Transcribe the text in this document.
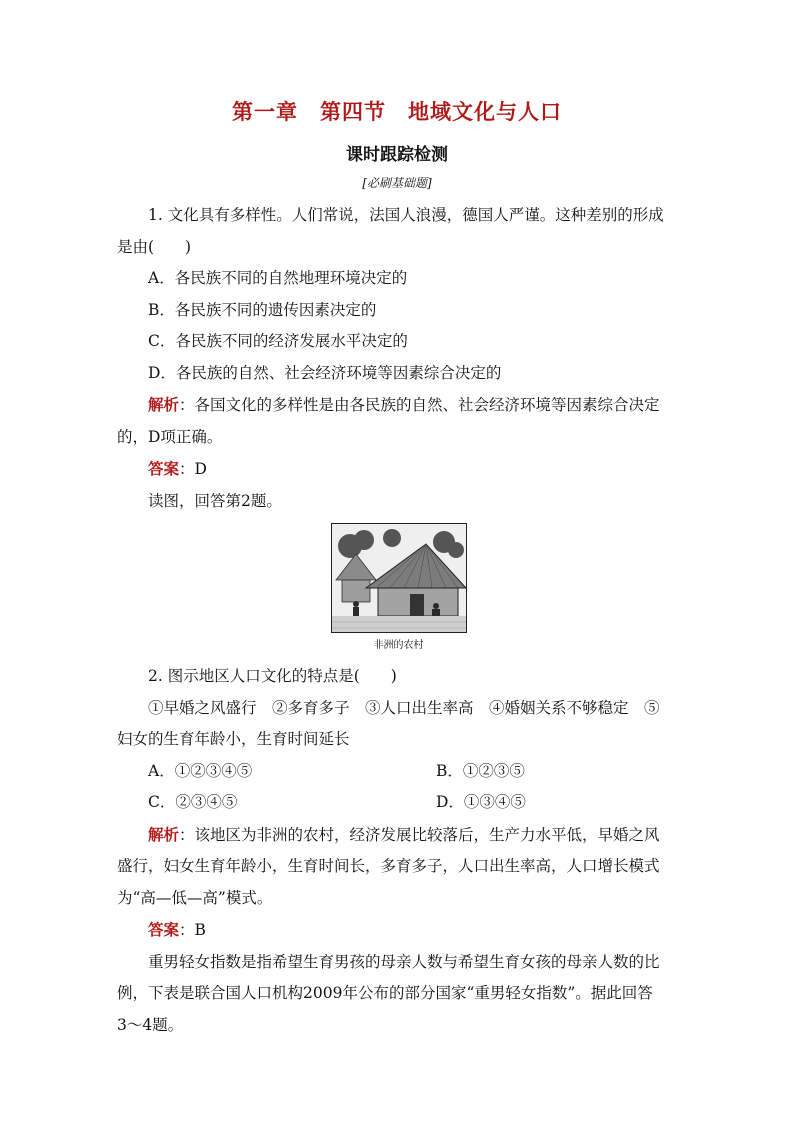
第一章　第四节　地域文化与人口
课时跟踪检测
[必刷基础题]

1. 文化具有多样性。人们常说，法国人浪漫，德国人严谨。这种差别的形成

是由(　　)

A．各民族不同的自然地理环境决定的

B．各民族不同的遗传因素决定的

C．各民族不同的经济发展水平决定的

D．各民族的自然、社会经济环境等因素综合决定的

解析：各国文化的多样性是由各民族的自然、社会经济环境等因素综合决定

的，D项正确。

答案：D

读图，回答第2题。

非洲的农村

2. 图示地区人口文化的特点是(　　)

①早婚之风盛行　②多育多子　③人口出生率高　④婚姻关系不够稳定　⑤

妇女的生育年龄小，生育时间延长

A．①②③④⑤	B．①②③⑤

C．②③④⑤	D．①③④⑤

解析：该地区为非洲的农村，经济发展比较落后，生产力水平低，早婚之风

盛行，妇女生育年龄小，生育时间长，多育多子，人口出生率高，人口增长模式

为“高—低—高”模式。

答案：B

重男轻女指数是指希望生育男孩的母亲人数与希望生育女孩的母亲人数的比

例，下表是联合国人口机构2009年公布的部分国家“重男轻女指数”。据此回答

3～4题。
